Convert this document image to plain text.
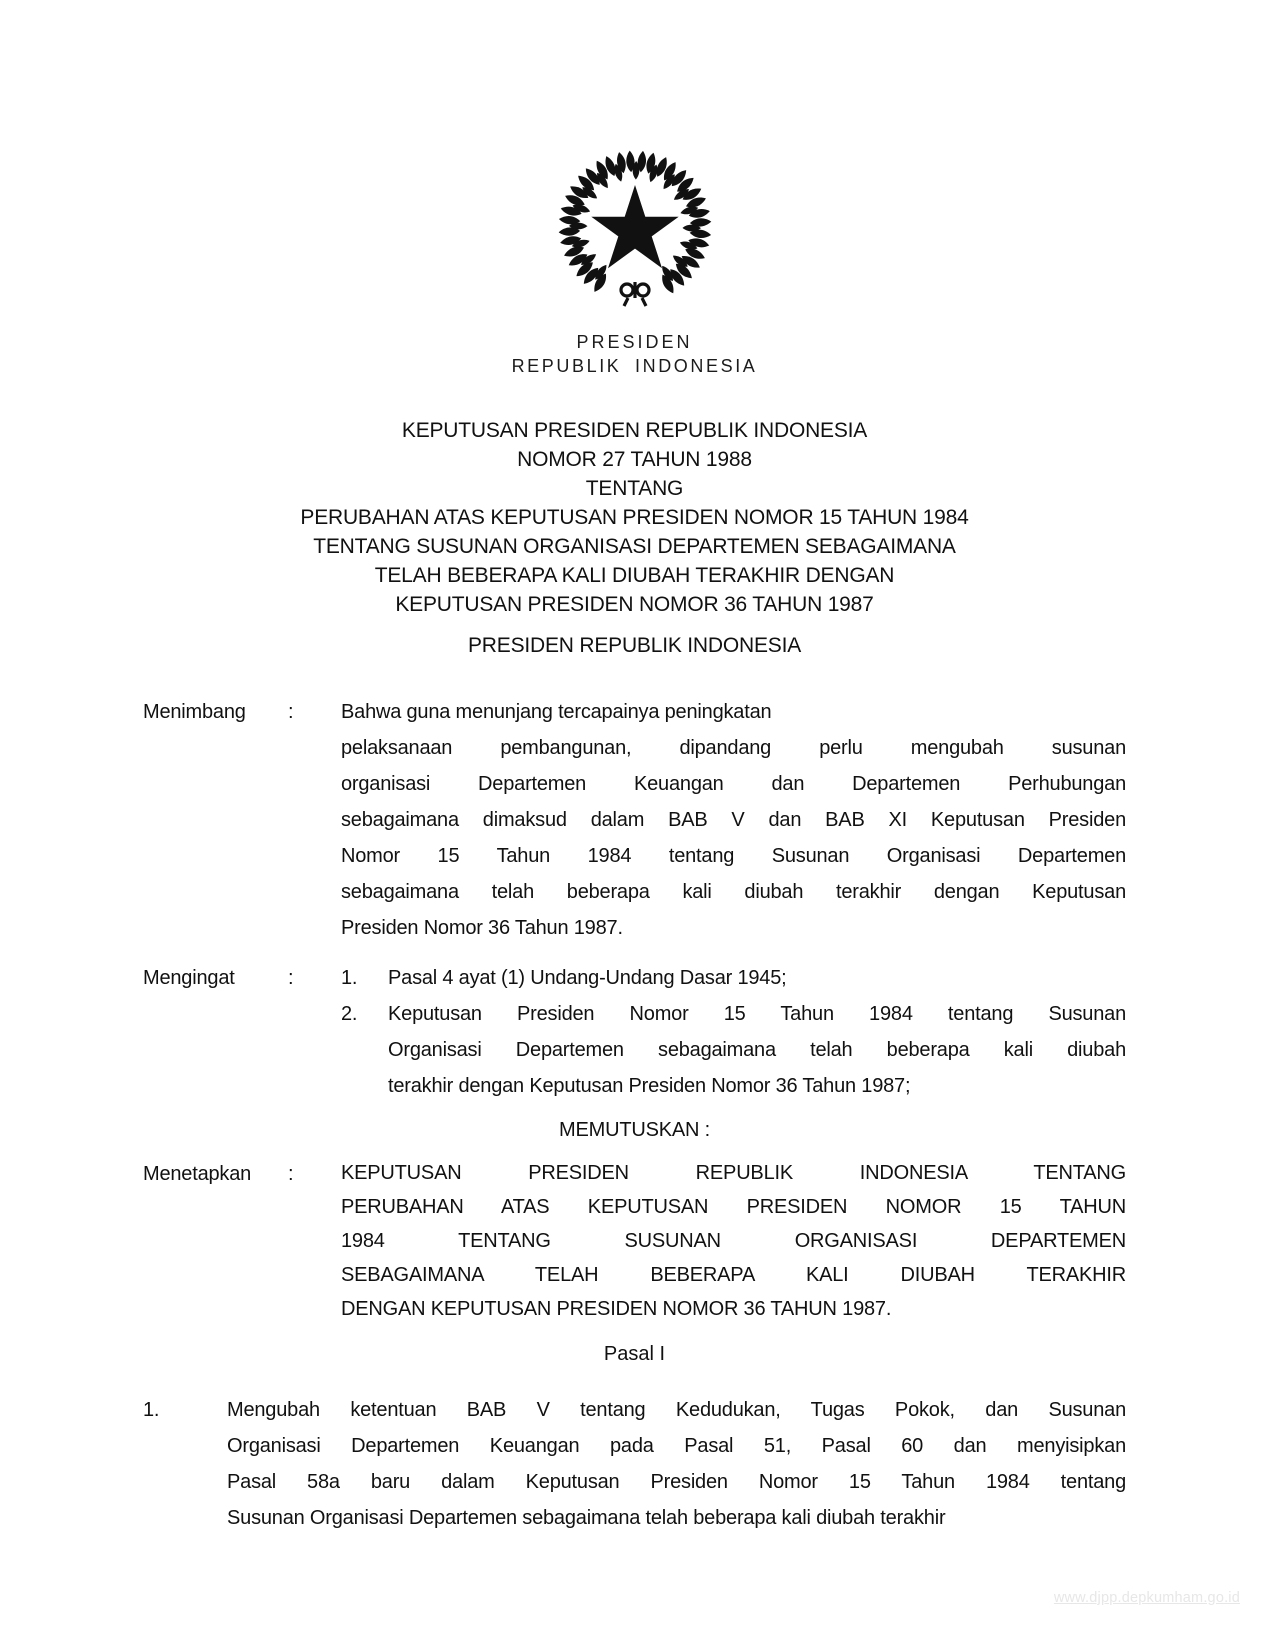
PRESIDEN
REPUBLIK INDONESIA
KEPUTUSAN PRESIDEN REPUBLIK INDONESIA
NOMOR 27 TAHUN 1988
TENTANG
PERUBAHAN ATAS KEPUTUSAN PRESIDEN NOMOR 15 TAHUN 1984
TENTANG SUSUNAN ORGANISASI DEPARTEMEN SEBAGAIMANA
TELAH BEBERAPA KALI DIUBAH TERAKHIR DENGAN
KEPUTUSAN PRESIDEN NOMOR 36 TAHUN 1987
PRESIDEN REPUBLIK INDONESIA
Menimbang	:	Bahwa guna menunjang tercapainya peningkatan
pelaksanaan pembangunan, dipandang perlu mengubah susunan
organisasi Departemen Keuangan dan Departemen Perhubungan
sebagaimana dimaksud dalam BAB V dan BAB XI Keputusan Presiden
Nomor 15 Tahun 1984 tentang Susunan Organisasi Departemen
sebagaimana telah beberapa kali diubah terakhir dengan Keputusan
Presiden Nomor 36 Tahun 1987.
Mengingat	:	1.	Pasal 4 ayat (1) Undang-Undang Dasar 1945;
2.	Keputusan Presiden Nomor 15 Tahun 1984 tentang Susunan
Organisasi Departemen sebagaimana telah beberapa kali diubah
terakhir dengan Keputusan Presiden Nomor 36 Tahun 1987;
MEMUTUSKAN :
Menetapkan	:	KEPUTUSAN PRESIDEN REPUBLIK INDONESIA TENTANG
PERUBAHAN ATAS KEPUTUSAN PRESIDEN NOMOR 15 TAHUN
1984 TENTANG SUSUNAN ORGANISASI DEPARTEMEN
SEBAGAIMANA TELAH BEBERAPA KALI DIUBAH TERAKHIR
DENGAN KEPUTUSAN PRESIDEN NOMOR 36 TAHUN 1987.
Pasal I
1.	Mengubah ketentuan BAB V tentang Kedudukan, Tugas Pokok, dan Susunan
Organisasi Departemen Keuangan pada Pasal 51, Pasal 60 dan menyisipkan
Pasal 58a baru dalam Keputusan Presiden Nomor 15 Tahun 1984 tentang
Susunan Organisasi Departemen sebagaimana telah beberapa kali diubah terakhir
www.djpp.depkumham.go.id
